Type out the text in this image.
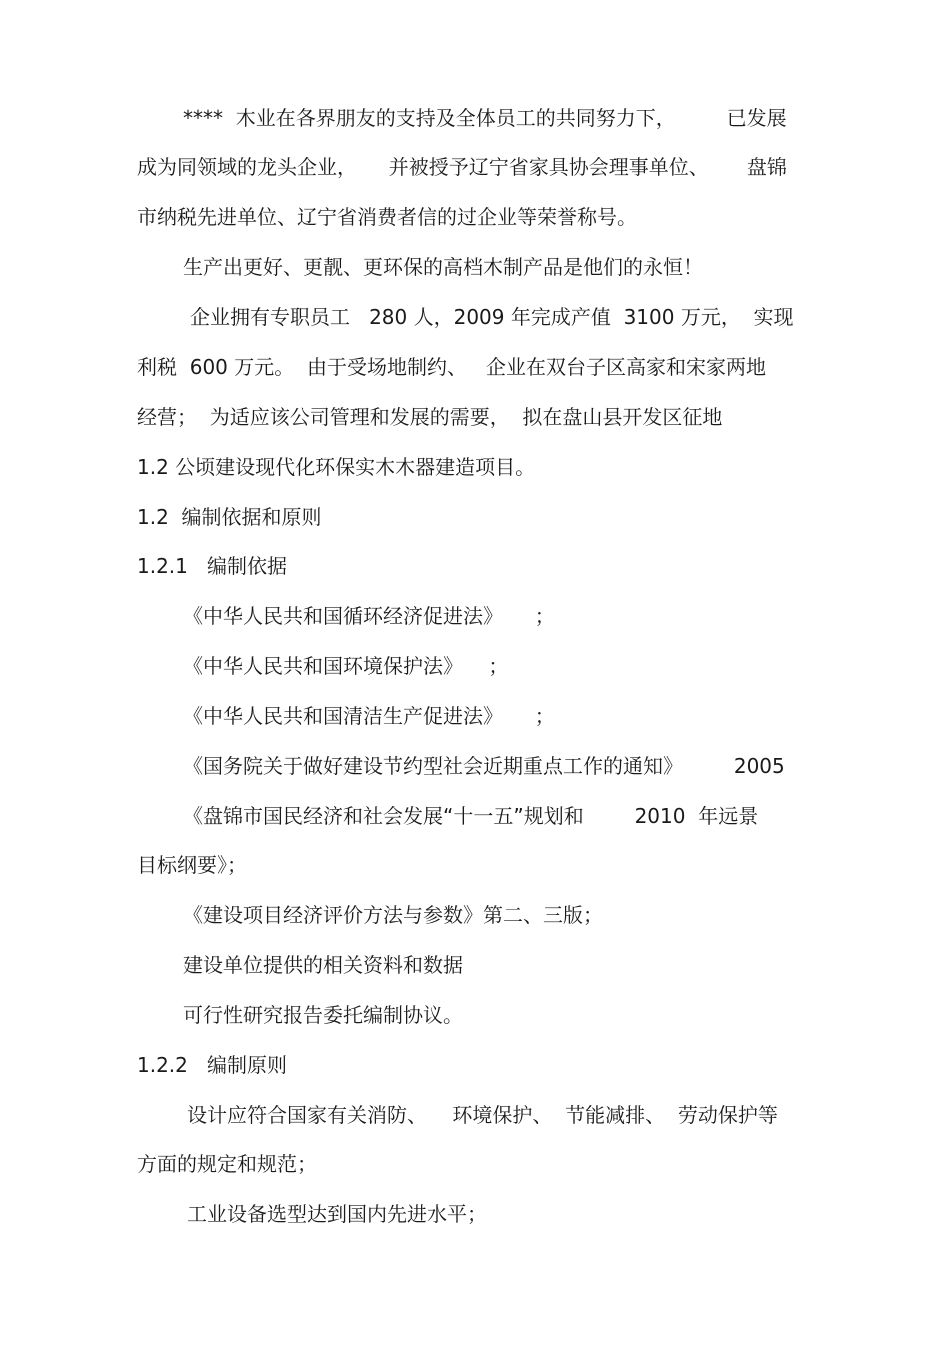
****  木业在各界朋友的支持及全体员工的共同努力下，        已发展

成为同领域的龙头企业，     并被授予辽宁省家具协会理事单位、      盘锦

市纳税先进单位、辽宁省消费者信的过企业等荣誉称号。

生产出更好、更靓、更环保的高档木制产品是他们的永恒！

企业拥有专职员工   280 人，2009 年完成产值  3100 万元，  实现

利税  600 万元。  由于受场地制约、   企业在双台子区高家和宋家两地

经营；  为适应该公司管理和发展的需要，  拟在盘山县开发区征地

1.2 公顷建设现代化环保实木木器建造项目。

1.2  编制依据和原则

1.2.1   编制依据

《中华人民共和国循环经济促进法》     ；

《中华人民共和国环境保护法》    ；

《中华人民共和国清洁生产促进法》     ；

《国务院关于做好建设节约型社会近期重点工作的通知》        2005

《盘锦市国民经济和社会发展“十一五”规划和        2010  年远景

目标纲要》；

《建设项目经济评价方法与参数》第二、三版；

建设单位提供的相关资料和数据

可行性研究报告委托编制协议。

1.2.2   编制原则

设计应符合国家有关消防、    环境保护、  节能减排、  劳动保护等

方面的规定和规范；

工业设备选型达到国内先进水平；
